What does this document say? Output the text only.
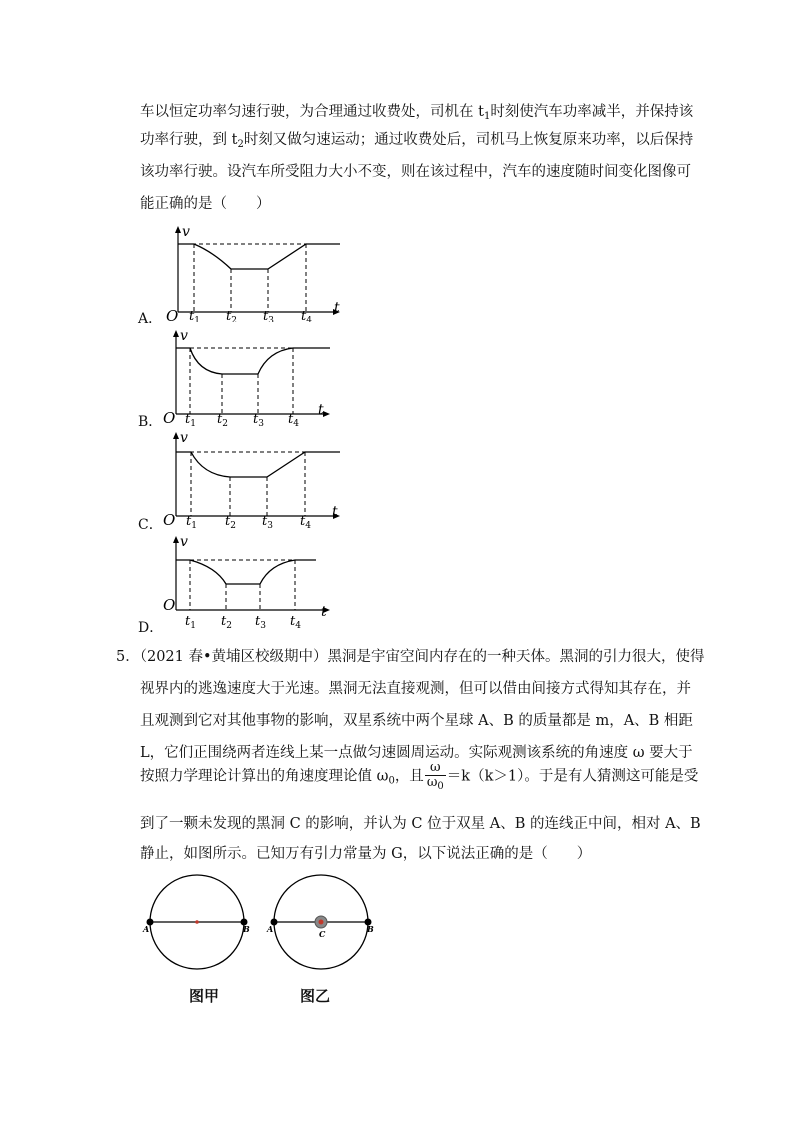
车以恒定功率匀速行驶，为合理通过收费处，司机在 $t_1$时刻使汽车功率减半，并保持该
功率行驶，到 $t_2$时刻又做匀速运动；通过收费处后，司机马上恢复原来功率，以后保持
该功率行驶。设汽车所受阻力大小不变，则在该过程中，汽车的速度随时间变化图像可
能正确的是（　　）
A．
B．
C．
D．
O
v
t
$t_1$ $t_2$ $t_3$ $t_4$
O
v
t
$t_1$ $t_2$ $t_3$ $t_4$
O
v
t
$t_1$ $t_2$ $t_3$ $t_4$
O
v
t
$t_1$ $t_2$ $t_3$ $t_4$
5．（2021 春•黄埔区校级期中）黑洞是宇宙空间内存在的一种天体。黑洞的引力很大，使得
视界内的逃逸速度大于光速。黑洞无法直接观测，但可以借由间接方式得知其存在，并
且观测到它对其他事物的影响，双星系统中两个星球 A、B 的质量都是 m，A、B 相距
L，它们正围绕两者连线上某一点做匀速圆周运动。实际观测该系统的角速度 ω 要大于
按照力学理论计算出的角速度理论值 $\omega_0$，且 $\frac{\omega}{\omega_0} =k(k>1)$。于是有人猜测这可能是受
到了一颗未发现的黑洞 C 的影响，并认为 C 位于双星 A、B 的连线正中间，相对 A、B
静止，如图所示。已知万有引力常量为 G，以下说法正确的是（　　）
A	B A	B
C
图甲	图乙
